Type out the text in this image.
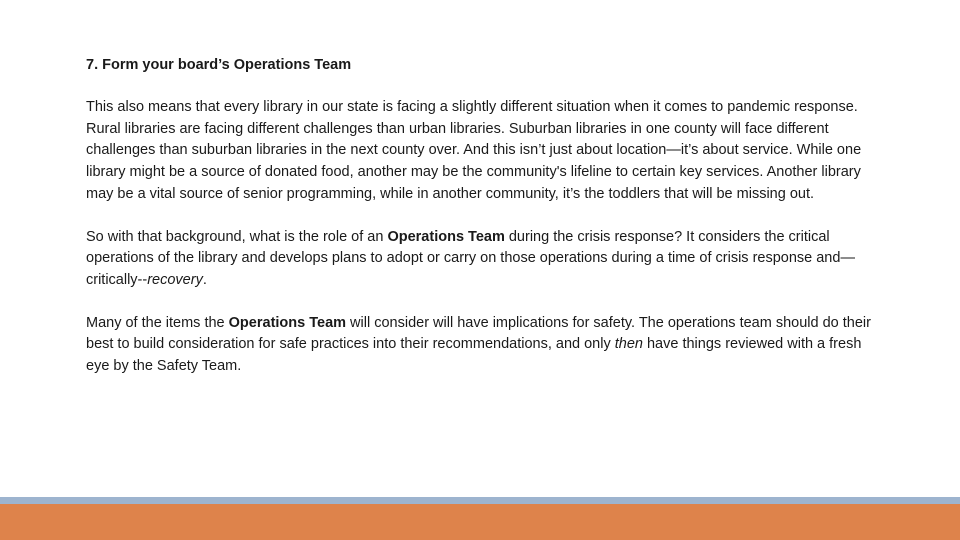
7. Form your board’s Operations Team

This also means that every library in our state is facing a slightly different situation when it comes to pandemic response. Rural libraries are facing different challenges than urban libraries. Suburban libraries in one county will face different challenges than suburban libraries in the next county over. And this isn’t just about location—it’s about service. While one library might be a source of donated food, another may be the community's lifeline to certain key services. Another library may be a vital source of senior programming, while in another community, it’s the toddlers that will be missing out.

So with that background, what is the role of an Operations Team during the crisis response? It considers the critical operations of the library and develops plans to adopt or carry on those operations during a time of crisis response and—critically--recovery.

Many of the items the Operations Team will consider will have implications for safety. The operations team should do their best to build consideration for safe practices into their recommendations, and only then have things reviewed with a fresh eye by the Safety Team.
